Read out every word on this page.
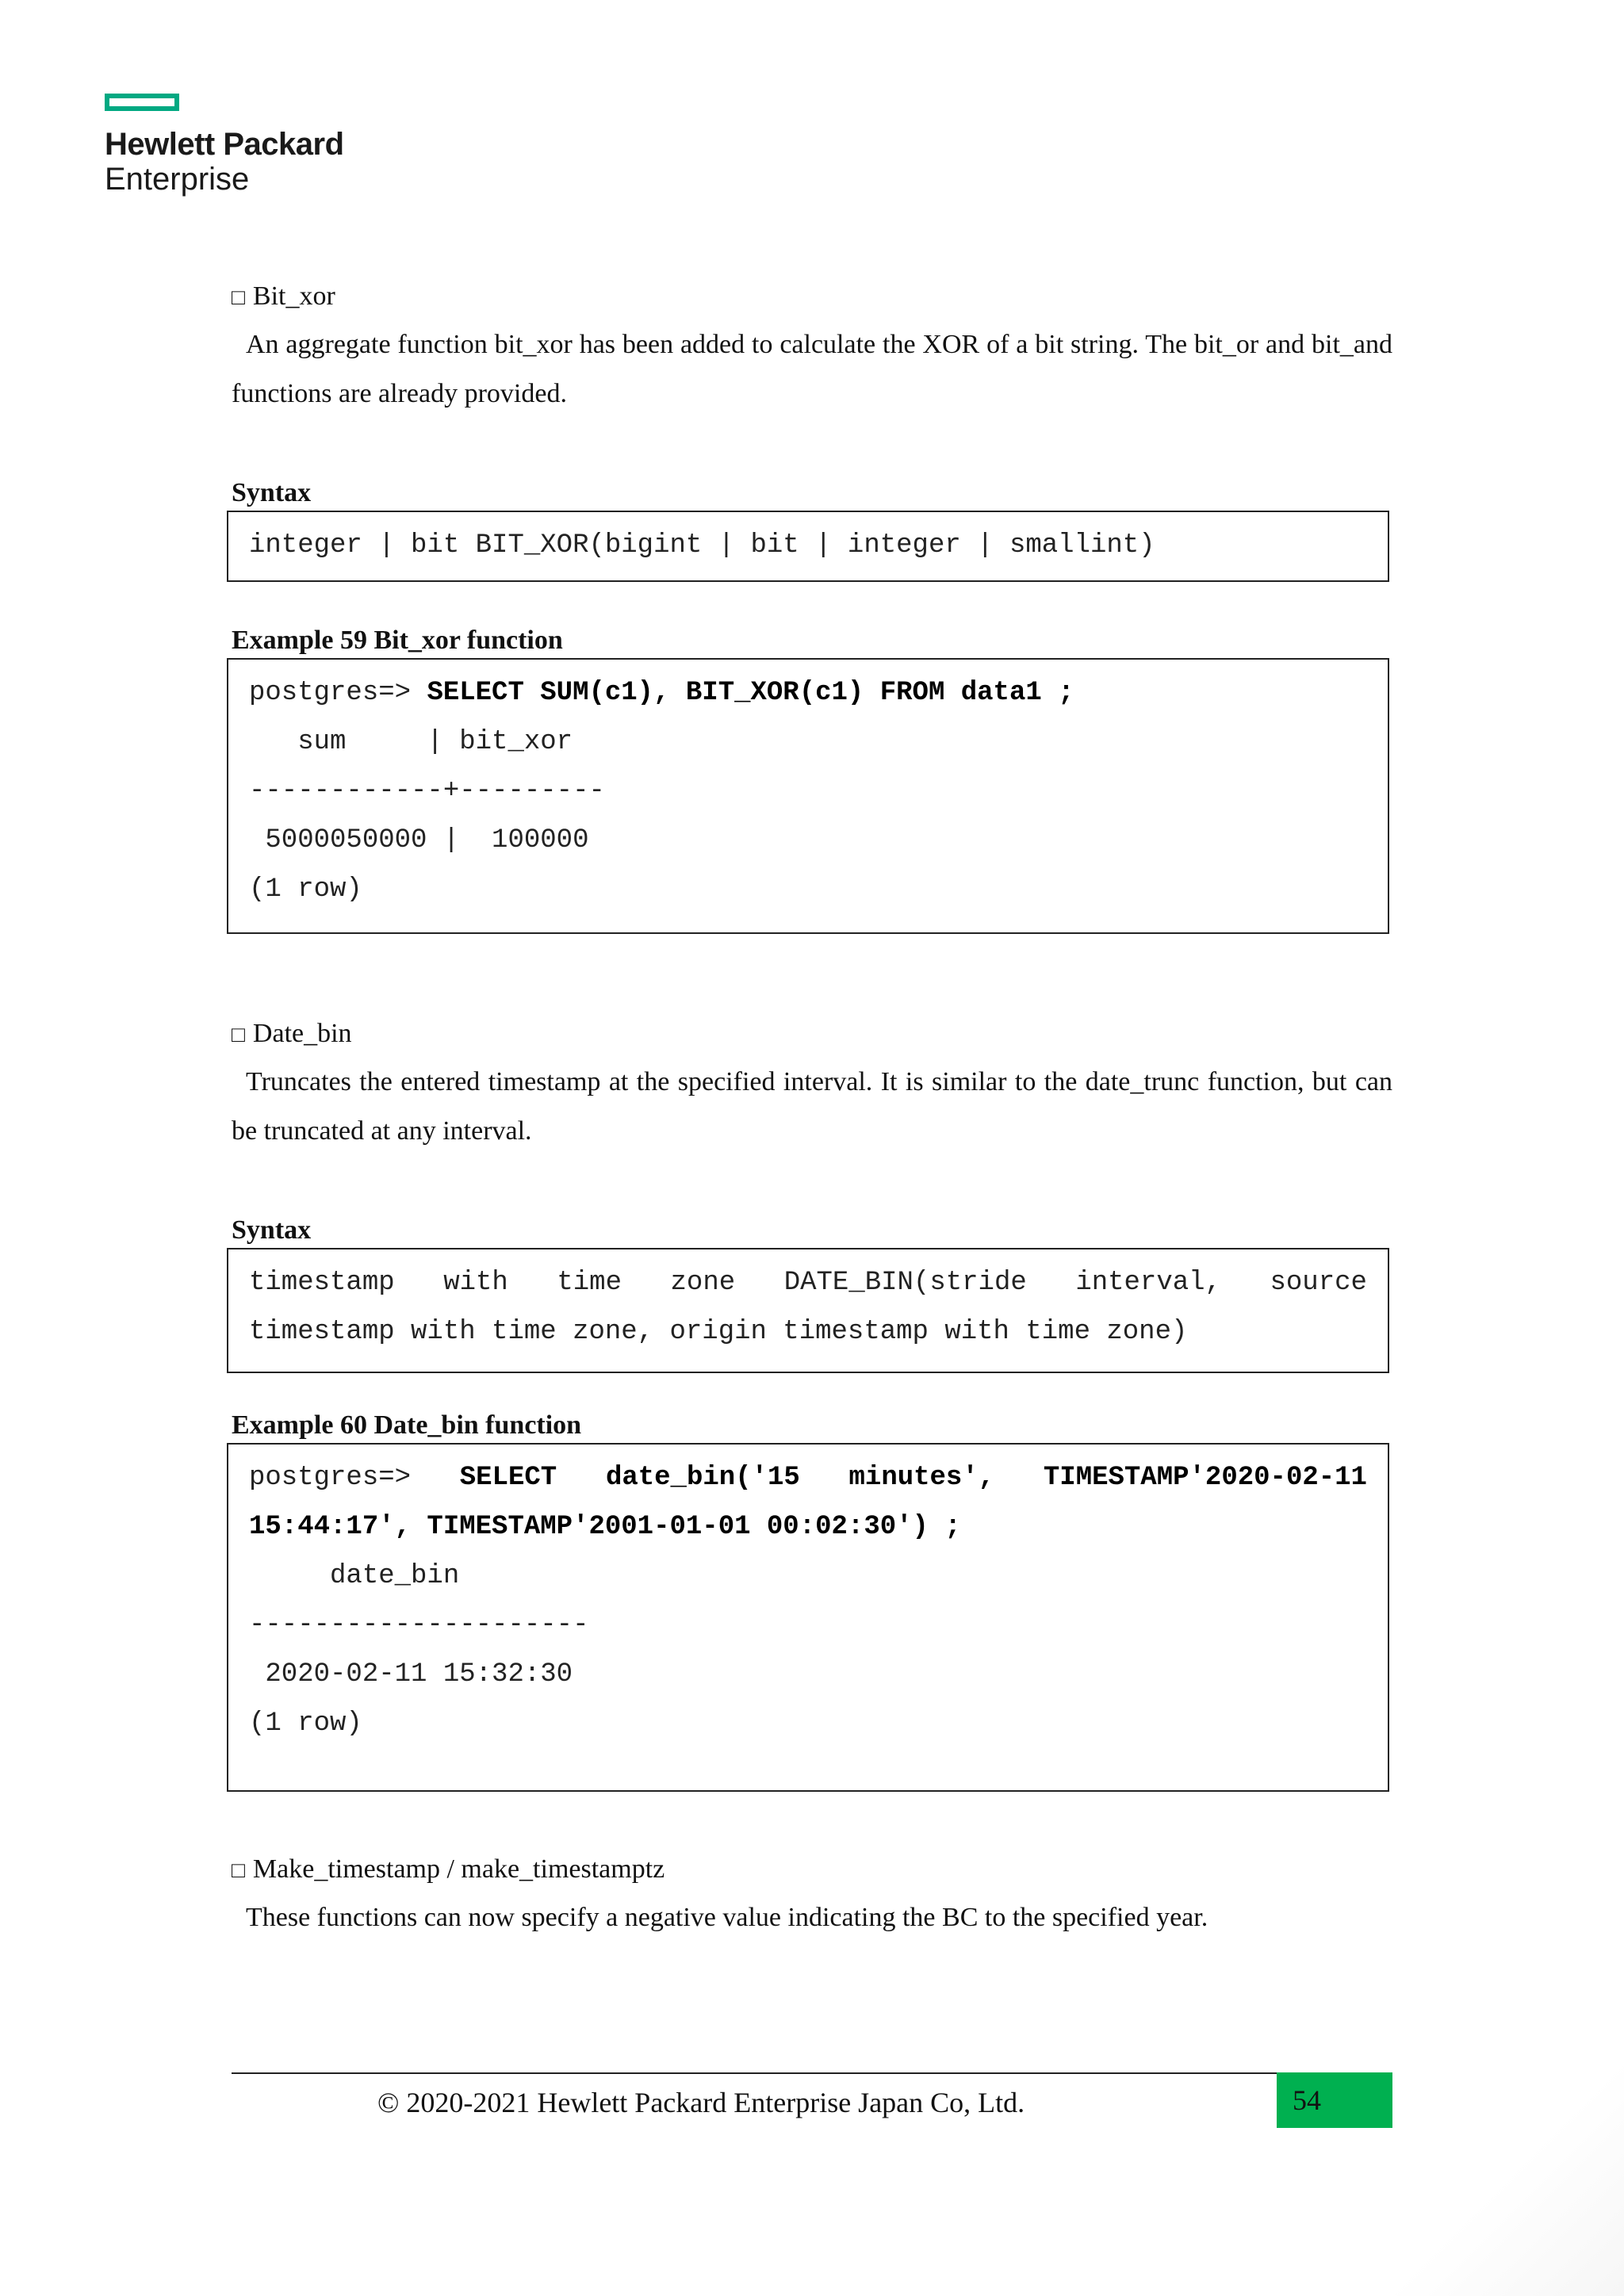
Hewlett Packard
Enterprise
□ Bit_xor
An aggregate function bit_xor has been added to calculate the XOR of a bit string. The bit_or and bit_and functions are already provided.
Syntax
integer | bit BIT_XOR(bigint | bit | integer | smallint)
Example 59 Bit_xor function
postgres=> SELECT SUM(c1), BIT_XOR(c1) FROM data1 ;
sum     | bit_xor
------------+---------
5000050000 |  100000
(1 row)
□ Date_bin
Truncates the entered timestamp at the specified interval. It is similar to the date_trunc function, but can be truncated at any interval.
Syntax
timestamp with time zone DATE_BIN(stride interval, source
timestamp with time zone, origin timestamp with time zone)
Example 60 Date_bin function
postgres=> SELECT date_bin('15 minutes', TIMESTAMP'2020-02-11
15:44:17', TIMESTAMP'2001-01-01 00:02:30') ;
date_bin
---------------------
2020-02-11 15:32:30
(1 row)
□ Make_timestamp / make_timestamptz
These functions can now specify a negative value indicating the BC to the specified year.
© 2020-2021 Hewlett Packard Enterprise Japan Co, Ltd.	54
